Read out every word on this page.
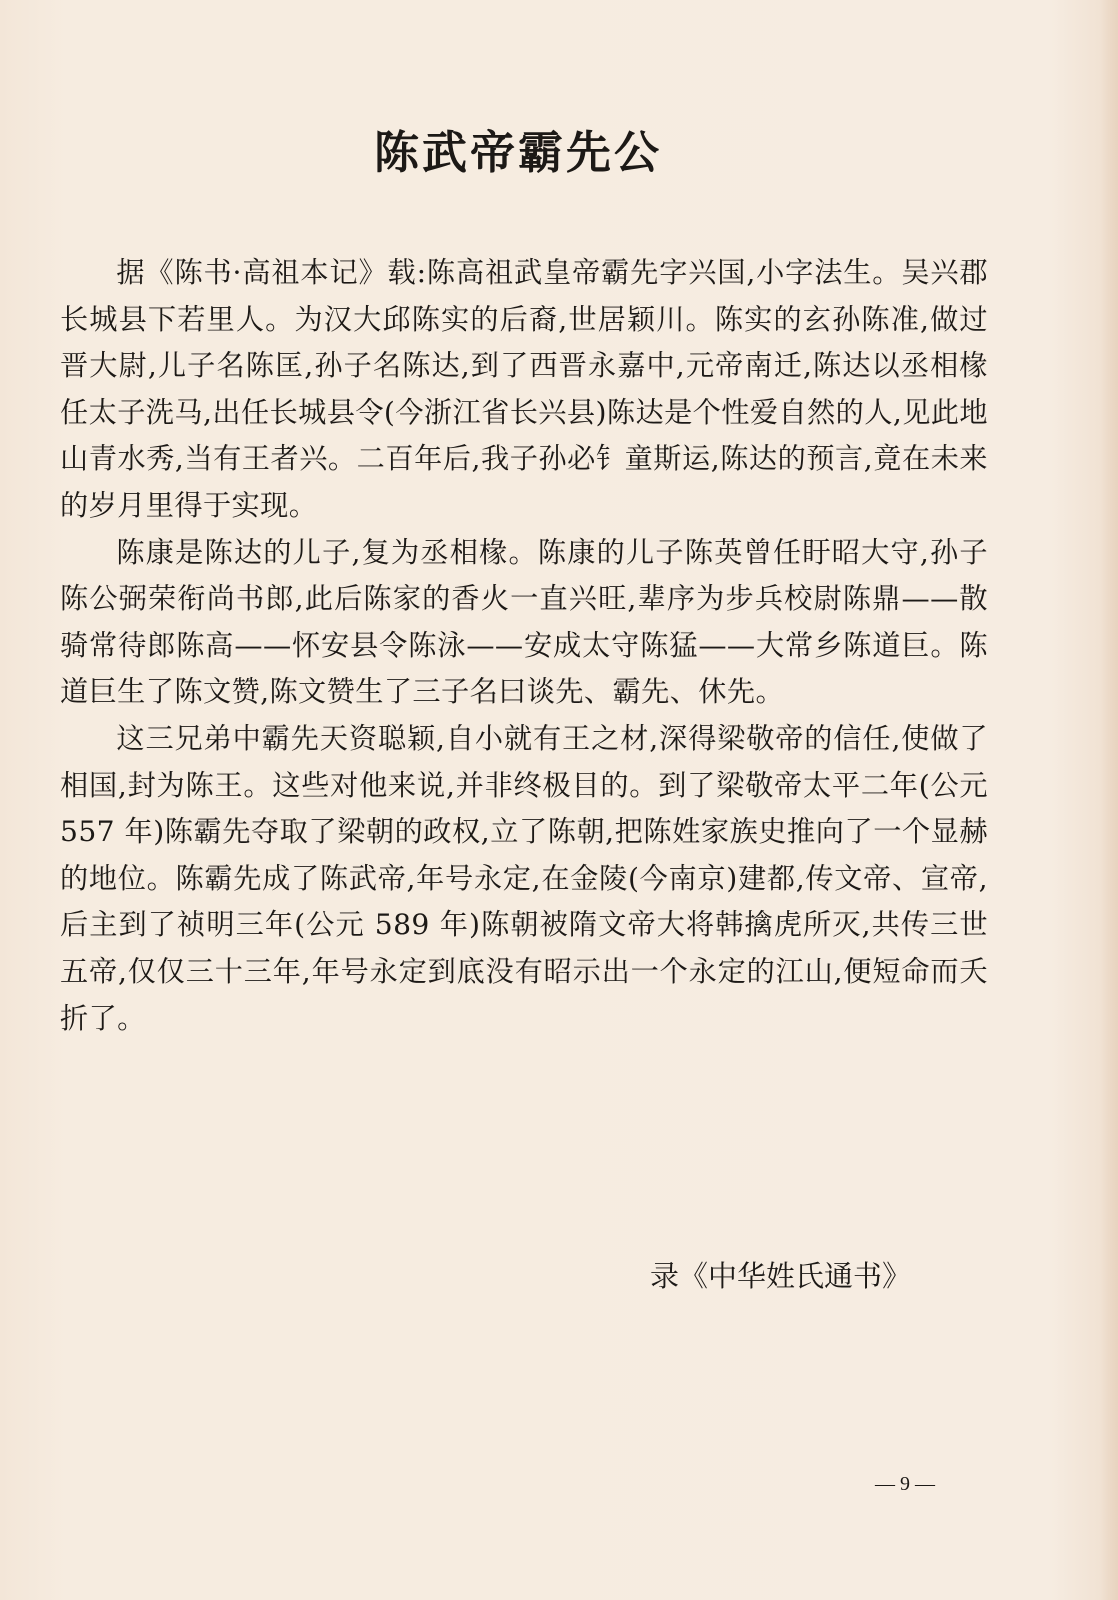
陈武帝霸先公

据《陈书·高祖本记》载:陈高祖武皇帝霸先字兴国,小字法生。吴兴郡长城县下若里人。为汉大邱陈实的后裔,世居颖川。陈实的玄孙陈准,做过晋大尉,儿子名陈匡,孙子名陈达,到了西晋永嘉中,元帝南迁,陈达以丞相椽任太子洗马,出任长城县令(今浙江省长兴县)陈达是个性爱自然的人,见此地山青水秀,当有王者兴。二百年后,我子孙必钅童斯运,陈达的预言,竟在未来的岁月里得于实现。

陈康是陈达的儿子,复为丞相椽。陈康的儿子陈英曾任盱昭大守,孙子陈公弼荣衔尚书郎,此后陈家的香火一直兴旺,辈序为步兵校尉陈鼎——散骑常待郎陈高——怀安县令陈泳——安成太守陈猛——大常乡陈道巨。陈道巨生了陈文赞,陈文赞生了三子名曰谈先、霸先、休先。

这三兄弟中霸先天资聪颖,自小就有王之材,深得梁敬帝的信任,使做了相国,封为陈王。这些对他来说,并非终极目的。到了梁敬帝太平二年(公元 557 年)陈霸先夺取了梁朝的政权,立了陈朝,把陈姓家族史推向了一个显赫的地位。陈霸先成了陈武帝,年号永定,在金陵(今南京)建都,传文帝、宣帝,后主到了祯明三年(公元 589 年)陈朝被隋文帝大将韩擒虎所灭,共传三世五帝,仅仅三十三年,年号永定到底没有昭示出一个永定的江山,便短命而夭折了。

录《中华姓氏通书》
— 9 —
